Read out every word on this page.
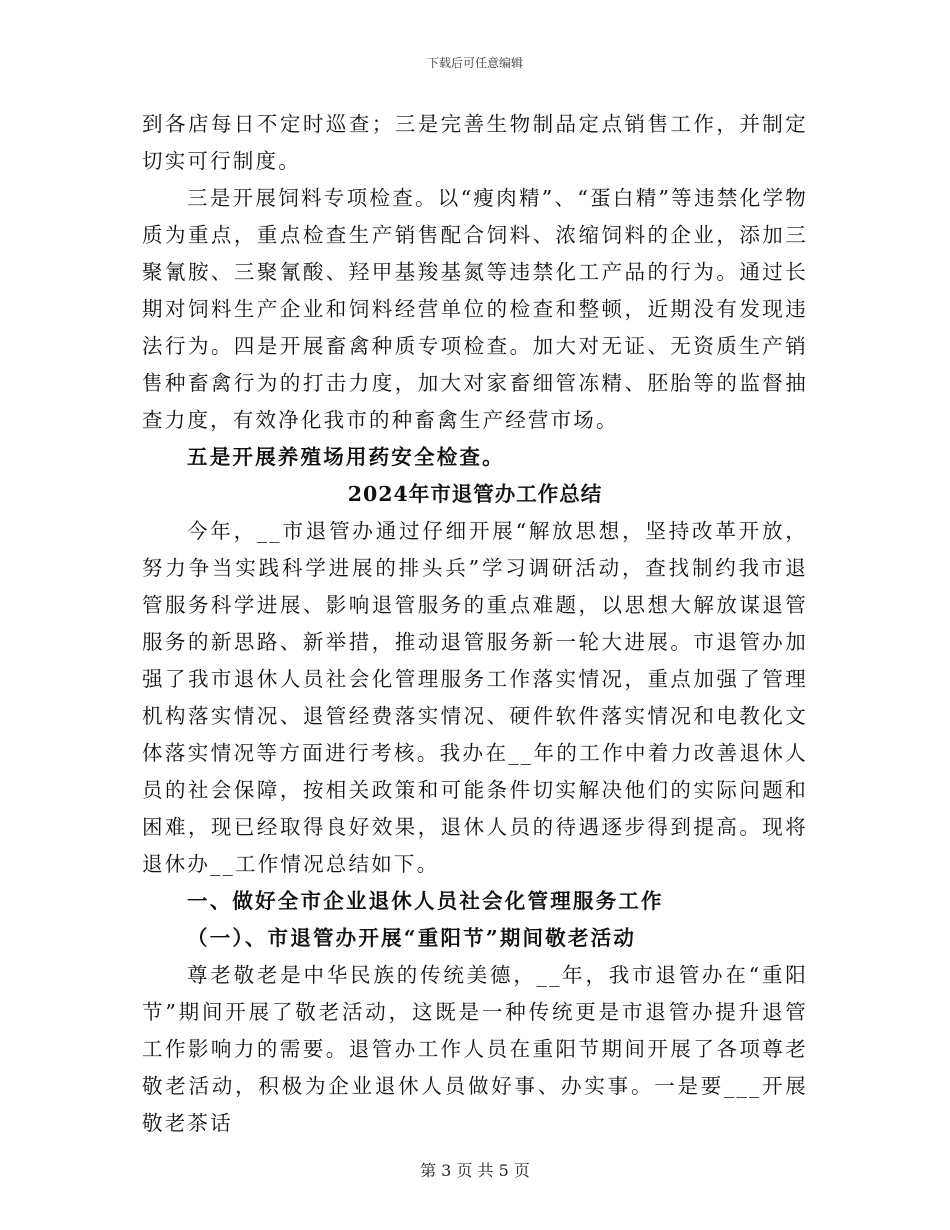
下载后可任意编辑

到各店每日不定时巡查；三是完善生物制品定点销售工作，并制定切实可行制度。

三是开展饲料专项检查。以“瘦肉精”、“蛋白精”等违禁化学物质为重点，重点检查生产销售配合饲料、浓缩饲料的企业，添加三聚氰胺、三聚氰酸、羟甲基羧基氮等违禁化工产品的行为。通过长期对饲料生产企业和饲料经营单位的检查和整顿，近期没有发现违法行为。四是开展畜禽种质专项检查。加大对无证、无资质生产销售种畜禽行为的打击力度，加大对家畜细管冻精、胚胎等的监督抽查力度，有效净化我市的种畜禽生产经营市场。

五是开展养殖场用药安全检查。

2024年市退管办工作总结

今年，__市退管办通过仔细开展“解放思想，坚持改革开放，努力争当实践科学进展的排头兵”学习调研活动，查找制约我市退管服务科学进展、影响退管服务的重点难题，以思想大解放谋退管服务的新思路、新举措，推动退管服务新一轮大进展。市退管办加强了我市退休人员社会化管理服务工作落实情况，重点加强了管理机构落实情况、退管经费落实情况、硬件软件落实情况和电教化文体落实情况等方面进行考核。我办在__年的工作中着力改善退休人员的社会保障，按相关政策和可能条件切实解决他们的实际问题和困难，现已经取得良好效果，退休人员的待遇逐步得到提高。现将退休办__工作情况总结如下。

一、做好全市企业退休人员社会化管理服务工作

（一）、市退管办开展“重阳节”期间敬老活动

尊老敬老是中华民族的传统美德，__年，我市退管办在“重阳节”期间开展了敬老活动，这既是一种传统更是市退管办提升退管工作影响力的需要。退管办工作人员在重阳节期间开展了各项尊老敬老活动，积极为企业退休人员做好事、办实事。一是要___开展敬老茶话

第 3 页 共 5 页
